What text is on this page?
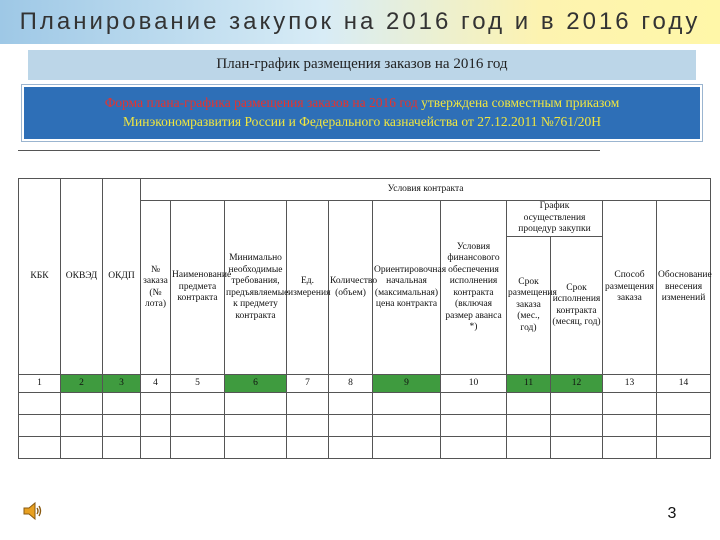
Планирование закупок на 2016 год и в 2016 году
План-график размещения заказов на 2016 год

Форма плана-графика размещения заказов на 2016 год утверждена совместным приказом

Минэкономразвития России и Федерального казначейства от 27.12.2011 №761/20Н

КБК	ОКВЭД	ОКДП	Условия контракта										
			№ заказа (№ лота)	Наименование предмета контракта	Минимально необходимые требования, предъявляемые к предмету контракта	Ед. измерения	Количество (объем)	Ориентировочная начальная (максимальная) цена контракта	Условия финансового обеспечения исполнения контракта (включая размер аванса *)	График осуществления процедур закупки		Способ размещения заказа	Обоснование внесения изменений
										Срок размещения заказа (мес., год)	Срок исполнения контракта (месяц, год)		
1	2	3	4	5	6	7	8	9	10	11	12	13	14

3
